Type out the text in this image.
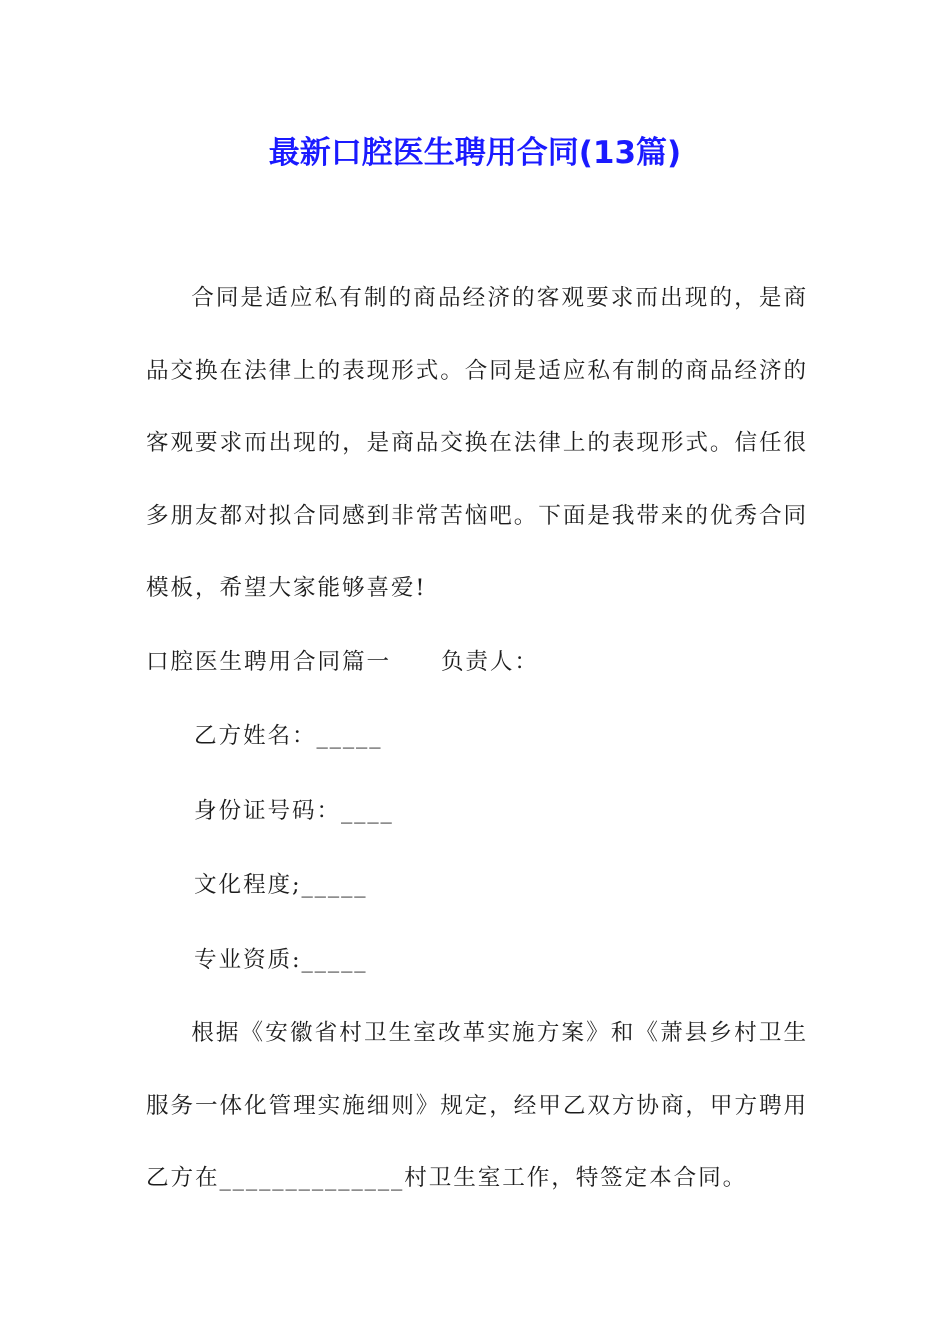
最新口腔医生聘用合同(13篇)

合同是适应私有制的商品经济的客观要求而出现的，是商品交换在法律上的表现形式。合同是适应私有制的商品经济的客观要求而出现的，是商品交换在法律上的表现形式。信任很多朋友都对拟合同感到非常苦恼吧。下面是我带来的优秀合同模板，希望大家能够喜爱!

口腔医生聘用合同篇一 负责人：

乙方姓名：_____

身份证号码：____

文化程度;_____

专业资质:_____

根据《安徽省村卫生室改革实施方案》和《萧县乡村卫生服务一体化管理实施细则》规定，经甲乙双方协商，甲方聘用乙方在______________村卫生室工作，特签定本合同。
